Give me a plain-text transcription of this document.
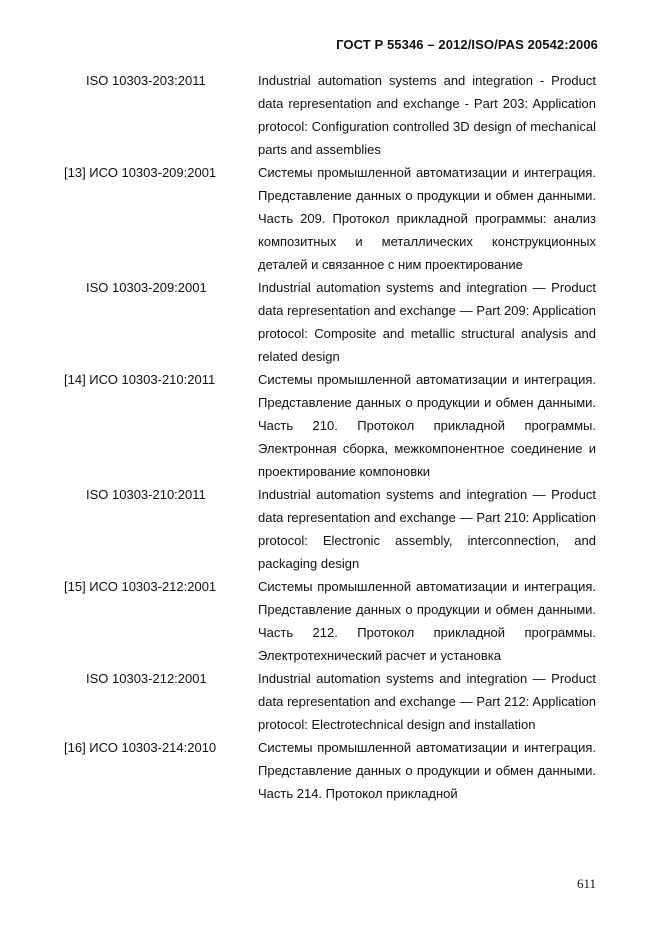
ГОСТ Р 55346 – 2012/ISO/PAS 20542:2006
ISO 10303-203:2011	Industrial automation systems and integration - Product data representation and exchange - Part 203: Application protocol: Configuration controlled 3D design of mechanical parts and assemblies
[13] ИСО 10303-209:2001	Системы промышленной автоматизации и интеграция. Представление данных о продукции и обмен данными. Часть 209. Протокол прикладной программы: анализ композитных и металлических конструкционных деталей и связанное с ним проектирование
ISO 10303-209:2001	Industrial automation systems and integration — Product data representation and exchange — Part 209: Application protocol: Composite and metallic structural analysis and related design
[14] ИСО 10303-210:2011	Системы промышленной автоматизации и интеграция. Представление данных о продукции и обмен данными. Часть 210. Протокол прикладной программы. Электронная сборка, межкомпонентное соединение и проектирование компоновки
ISO 10303-210:2011	Industrial automation systems and integration — Product data representation and exchange — Part 210: Application protocol: Electronic assembly, interconnection, and packaging design
[15] ИСО 10303-212:2001	Системы промышленной автоматизации и интеграция. Представление данных о продукции и обмен данными. Часть 212. Протокол прикладной программы. Электротехнический расчет и установка
ISO 10303-212:2001	Industrial automation systems and integration — Product data representation and exchange — Part 212: Application protocol: Electrotechnical design and installation
[16] ИСО 10303-214:2010	Системы промышленной автоматизации и интеграция. Представление данных о продукции и обмен данными. Часть 214. Протокол прикладной
611
